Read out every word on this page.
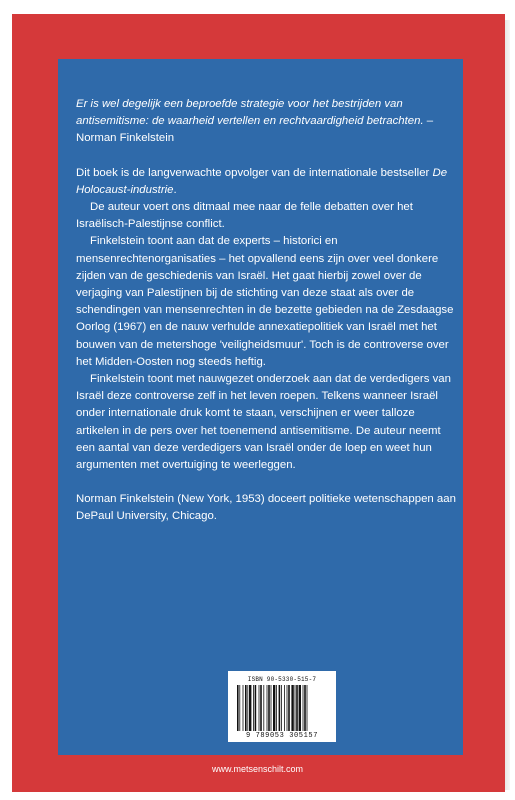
Er is wel degelijk een beproefde strategie voor het bestrijden van antisemitisme: de waarheid vertellen en rechtvaardigheid betrachten. – Norman Finkelstein

Dit boek is de langverwachte opvolger van de internationale bestseller De Holocaust-industrie.

De auteur voert ons ditmaal mee naar de felle debatten over het Israëlisch-Palestijnse conflict.

Finkelstein toont aan dat de experts – historici en mensenrechtenorganisaties – het opvallend eens zijn over veel donkere zijden van de geschiedenis van Israël. Het gaat hierbij zowel over de verjaging van Palestijnen bij de stichting van deze staat als over de schendingen van mensenrechten in de bezette gebieden na de Zesdaagse Oorlog (1967) en de nauw verhulde annexatiepolitiek van Israël met het bouwen van de metershoge 'veiligheidsmuur'. Toch is de controverse over het Midden-Oosten nog steeds heftig.

Finkelstein toont met nauwgezet onderzoek aan dat de verdedigers van Israël deze controverse zelf in het leven roepen. Telkens wanneer Israël onder internationale druk komt te staan, verschijnen er weer talloze artikelen in de pers over het toenemend antisemitisme. De auteur neemt een aantal van deze verdedigers van Israël onder de loep en weet hun argumenten met overtuiging te weerleggen.

Norman Finkelstein (New York, 1953) doceert politieke wetenschappen aan DePaul University, Chicago.

ISBN 90-5330-515-7
9 789053 305157
www.metsenschilt.com
